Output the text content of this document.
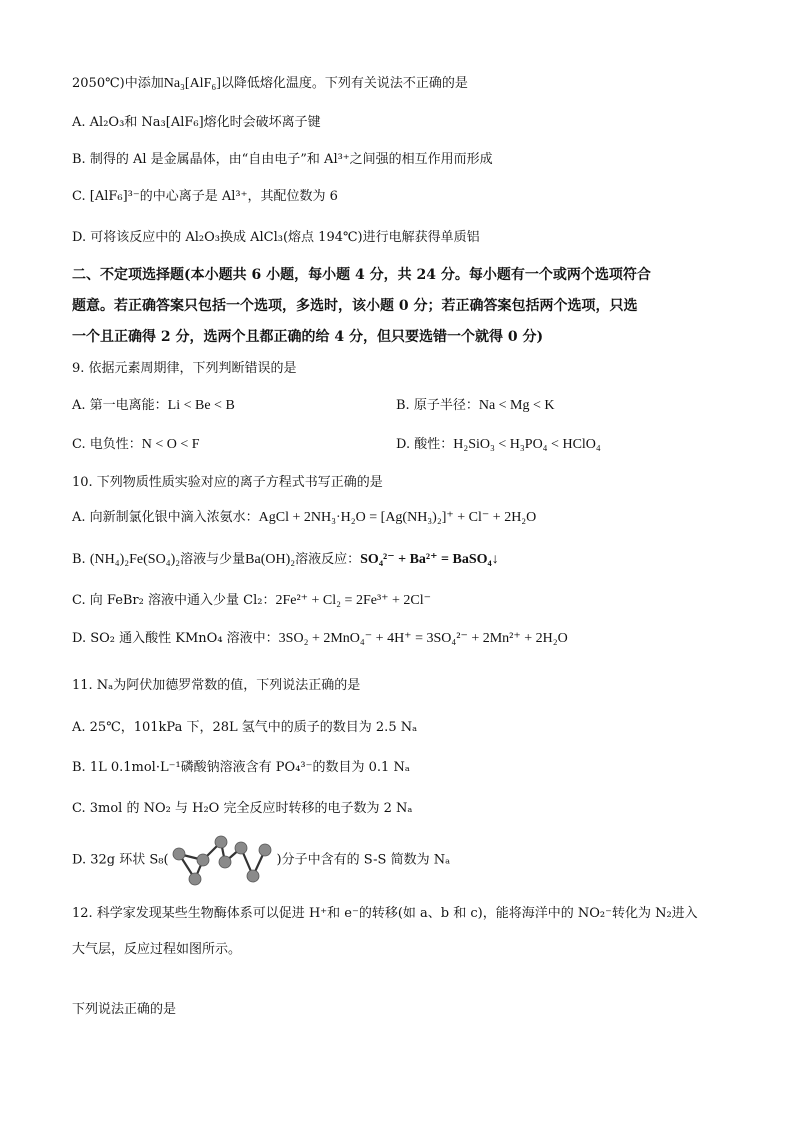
2050℃)中添加Na₃[AlF₆]以降低熔化温度。下列有关说法不正确的是
A. Al₂O₃和 Na₃[AlF₆]熔化时会破坏离子键
B. 制得的 Al 是金属晶体，由“自由电子”和 Al³⁺之间强的相互作用而形成
C. [AlF₆]³⁻的中心离子是 Al³⁺，其配位数为 6
D. 可将该反应中的 Al₂O₃换成 AlCl₃(熔点 194℃)进行电解获得单质铝
二、不定项选择题(本小题共 6 小题，每小题 4 分，共 24 分。每小题有一个或两个选项符合
题意。若正确答案只包括一个选项，多选时，该小题 0 分；若正确答案包括两个选项，只选
一个且正确得 2 分，选两个且都正确的给 4 分，但只要选错一个就得 0 分)
9. 依据元素周期律，下列判断错误的是
A. 第一电离能：Li < Be < B	B. 原子半径：Na < Mg < K
C. 电负性：N < O < F	D. 酸性：H₂SiO₃ < H₃PO₄ < HClO₄
10. 下列物质性质实验对应的离子方程式书写正确的是
A. 向新制氯化银中滴入浓氨水：AgCl + 2NH₃·H₂O = [Ag(NH₃)₂]⁺ + Cl⁻ + 2H₂O
B. (NH₄)₂Fe(SO₄)₂溶液与少量Ba(OH)₂溶液反应：SO₄²⁻ + Ba²⁺ = BaSO₄↓
C. 向 FeBr₂ 溶液中通入少量 Cl₂：2Fe²⁺ + Cl₂ = 2Fe³⁺ + 2Cl⁻
D. SO₂ 通入酸性 KMnO₄ 溶液中：3SO₂ + 2MnO₄⁻ + 4H⁺ = 3SO₄²⁻ + 2Mn²⁺ + 2H₂O
11. Nₐ为阿伏加德罗常数的值，下列说法正确的是
A. 25℃，101kPa 下，28L 氢气中的质子的数目为 2.5 Nₐ
B. 1L 0.1mol·L⁻¹磷酸钠溶液含有 PO₄³⁻的数目为 0.1 Nₐ
C. 3mol 的 NO₂ 与 H₂O 完全反应时转移的电子数为 2 Nₐ
D. 32g 环状 S₈(	)分子中含有的 S-S 简数为 Nₐ
12. 科学家发现某些生物酶体系可以促进 H⁺和 e⁻的转移(如 a、b 和 c)，能将海洋中的 NO₂⁻转化为 N₂进入
大气层，反应过程如图所示。
下列说法正确的是
